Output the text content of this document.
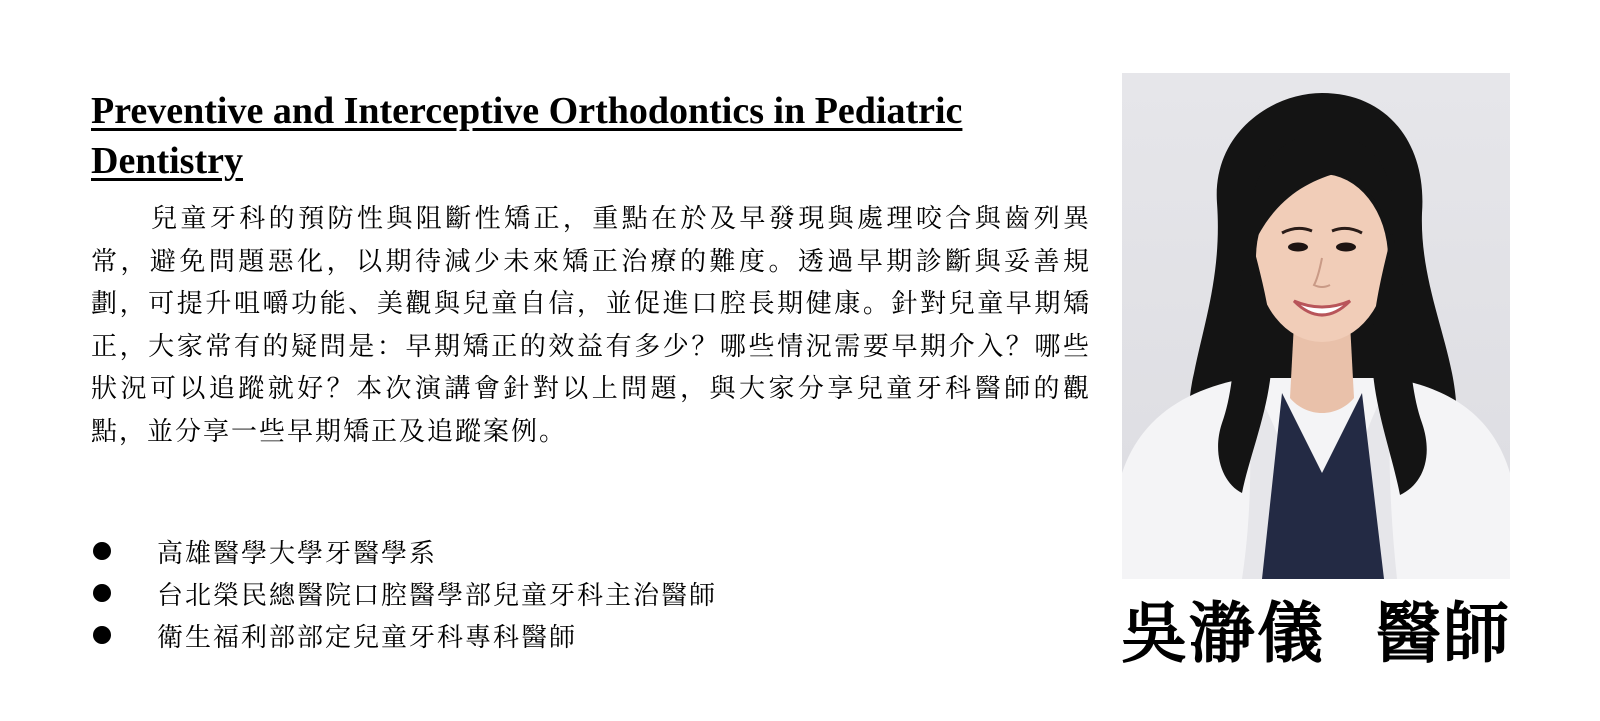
Preventive and Interceptive Orthodontics in Pediatric Dentistry

兒童牙科的預防性與阻斷性矯正，重點在於及早發現與處理咬合與齒列異常，避免問題惡化，以期待減少未來矯正治療的難度。透過早期診斷與妥善規劃，可提升咀嚼功能、美觀與兒童自信，並促進口腔長期健康。針對兒童早期矯正，大家常有的疑問是：早期矯正的效益有多少？哪些情況需要早期介入？哪些狀況可以追蹤就好？本次演講會針對以上問題，與大家分享兒童牙科醫師的觀點，並分享一些早期矯正及追蹤案例。

高雄醫學大學牙醫學系
台北榮民總醫院口腔醫學部兒童牙科主治醫師
衛生福利部部定兒童牙科專科醫師	吳瀞儀  醫師
